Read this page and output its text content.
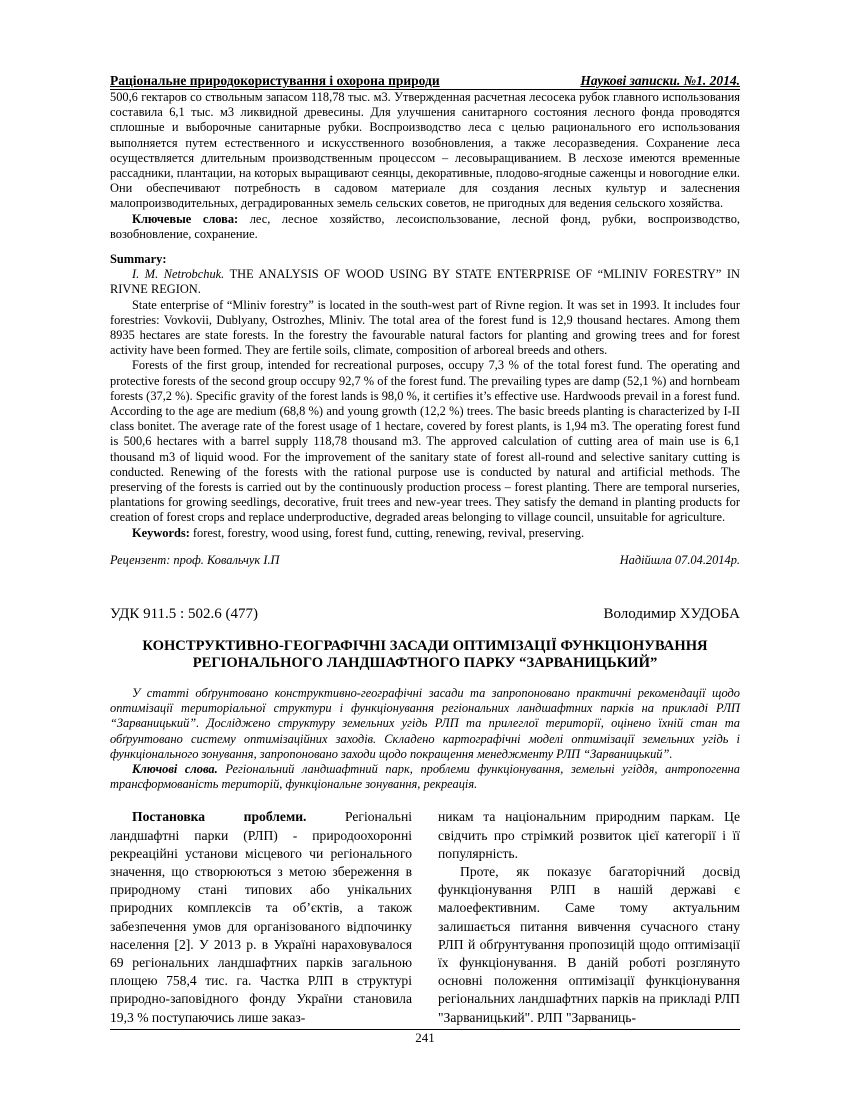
Раціональне природокористування і охорона природи	Наукові записки. №1. 2014.

500,6 гектаров со ствольным запасом 118,78 тыс. м3. Утвержденная расчетная лесосека рубок главного использования составила 6,1 тыс. м3 ликвидной древесины. Для улучшения санитарного состояния лесного фонда проводятся сплошные и выборочные санитарные рубки. Воспроизводство леса с целью рационального его использования выполняется путем естественного и искусственного возобновления, а также лесоразведения. Сохранение леса осуществляется длительным производственным процессом – лесовыращиванием. В лесхозе имеются временные рассадники, плантации, на которых выращивают сеянцы, декоративные, плодово-ягодные саженцы и новогодние елки. Они обеспечивают потребность в садовом материале для создания лесных культур и залеснения малопроизводительных, деградированных земель сельских советов, не пригодных для ведения сельского хозяйства.

Ключевые слова: лес, лесное хозяйство, лесоиспользование, лесной фонд, рубки, воспроизводство, возобновление, сохранение.

Summary:

I. M. Netrobchuk. THE ANALYSIS OF WOOD USING BY STATE ENTERPRISE OF “MLINIV FORESTRY” IN RIVNE REGION.

State enterprise of “Mliniv forestry” is located in the south-west part of Rivne region. It was set in 1993. It includes four forestries: Vovkovii, Dublyany, Ostrozhes, Mliniv. The total area of the forest fund is 12,9 thousand hectares. Among them 8935 hectares are state forests. In the forestry the favourable natural factors for planting and growing trees and for forest activity have been formed. They are fertile soils, climate, composition of arboreal breeds and others.

Forests of the first group, intended for recreational purposes, occupy 7,3 % of the total forest fund. The operating and protective forests of the second group occupy 92,7 % of the forest fund. The prevailing types are damp (52,1 %) and hornbeam forests (37,2 %). Specific gravity of the forest lands is 98,0 %, it certifies it’s effective use. Hardwoods prevail in a forest fund. According to the age are medium (68,8 %) and young growth (12,2 %) trees. The basic breeds planting is characterized by I-II class bonitet. The average rate of the forest usage of 1 hectare, covered by forest plants, is 1,94 m3. The operating forest fund is 500,6 hectares with a barrel supply 118,78 thousand m3. The approved calculation of cutting area of main use is 6,1 thousand m3 of liquid wood. For the improvement of the sanitary state of forest all-round and selective sanitary cutting is conducted. Renewing of the forests with the rational purpose use is conducted by natural and artificial methods. The preserving of the forests is carried out by the continuously production process – forest planting. There are temporal nurseries, plantations for growing seedlings, decorative, fruit trees and new-year trees. They satisfy the demand in planting products for creation of forest crops and replace underproductive, degraded areas belonging to village council, unsuitable for agriculture.

Keywords: forest, forestry, wood using, forest fund, cutting, renewing, revival, preserving.

Рецензент: проф. Ковальчук І.П	Надійшла 07.04.2014р.
УДК 911.5 : 502.6 (477)	Володимир ХУДОБА
КОНСТРУКТИВНО-ГЕОГРАФІЧНІ ЗАСАДИ ОПТИМІЗАЦІЇ ФУНКЦІОНУВАННЯ
РЕГІОНАЛЬНОГО ЛАНДШАФТНОГО ПАРКУ “ЗАРВАНИЦЬКИЙ”

У статті обґрунтовано конструктивно-географічні засади та запропоновано практичні рекомендації щодо оптимізації територіальної структури і функціонування регіональних ландшафтних парків на прикладі РЛП “Зарваницький”. Досліджено структуру земельних угідь РЛП та прилеглої території, оцінено їхній стан та обґрунтовано систему оптимізаційних заходів. Складено картографічні моделі оптимізації земельних угідь і функціонального зонування, запропоновано заходи щодо покращення менеджменту РЛП “Зарваницький”.

Ключові слова. Регіональний ландшафтний парк, проблеми функціонування, земельні угіддя, антропогенна трансформованість територій, функціональне зонування, рекреація.

Постановка проблеми. Регіональні ландшафтні парки (РЛП) - природоохоронні рекреаційні установи місцевого чи регіонального значення, що створюються з метою збереження в природному стані типових або унікальних природних комплексів та об’єктів, а також забезпечення умов для організованого відпочинку населення [2]. У 2013 р. в Україні нараховувалося 69 регіональних ландшафтних парків загальною площею 758,4 тис. га. Частка РЛП в структурі природно-заповідного фонду України становила 19,3 % поступаючись лише заказ-

никам та національним природним паркам. Це свідчить про стрімкий розвиток цієї категорії і її популярність.

Проте, як показує багаторічний досвід функціонування РЛП в нашій державі є малоефективним. Саме тому актуальним залишається питання вивчення сучасного стану РЛП й обґрунтування пропозицій щодо оптимізації їх функціонування. В даній роботі розглянуто основні положення оптимізації функціонування регіональних ландшафтних парків на прикладі РЛП "Зарваницький". РЛП "Зарваниць-

241
